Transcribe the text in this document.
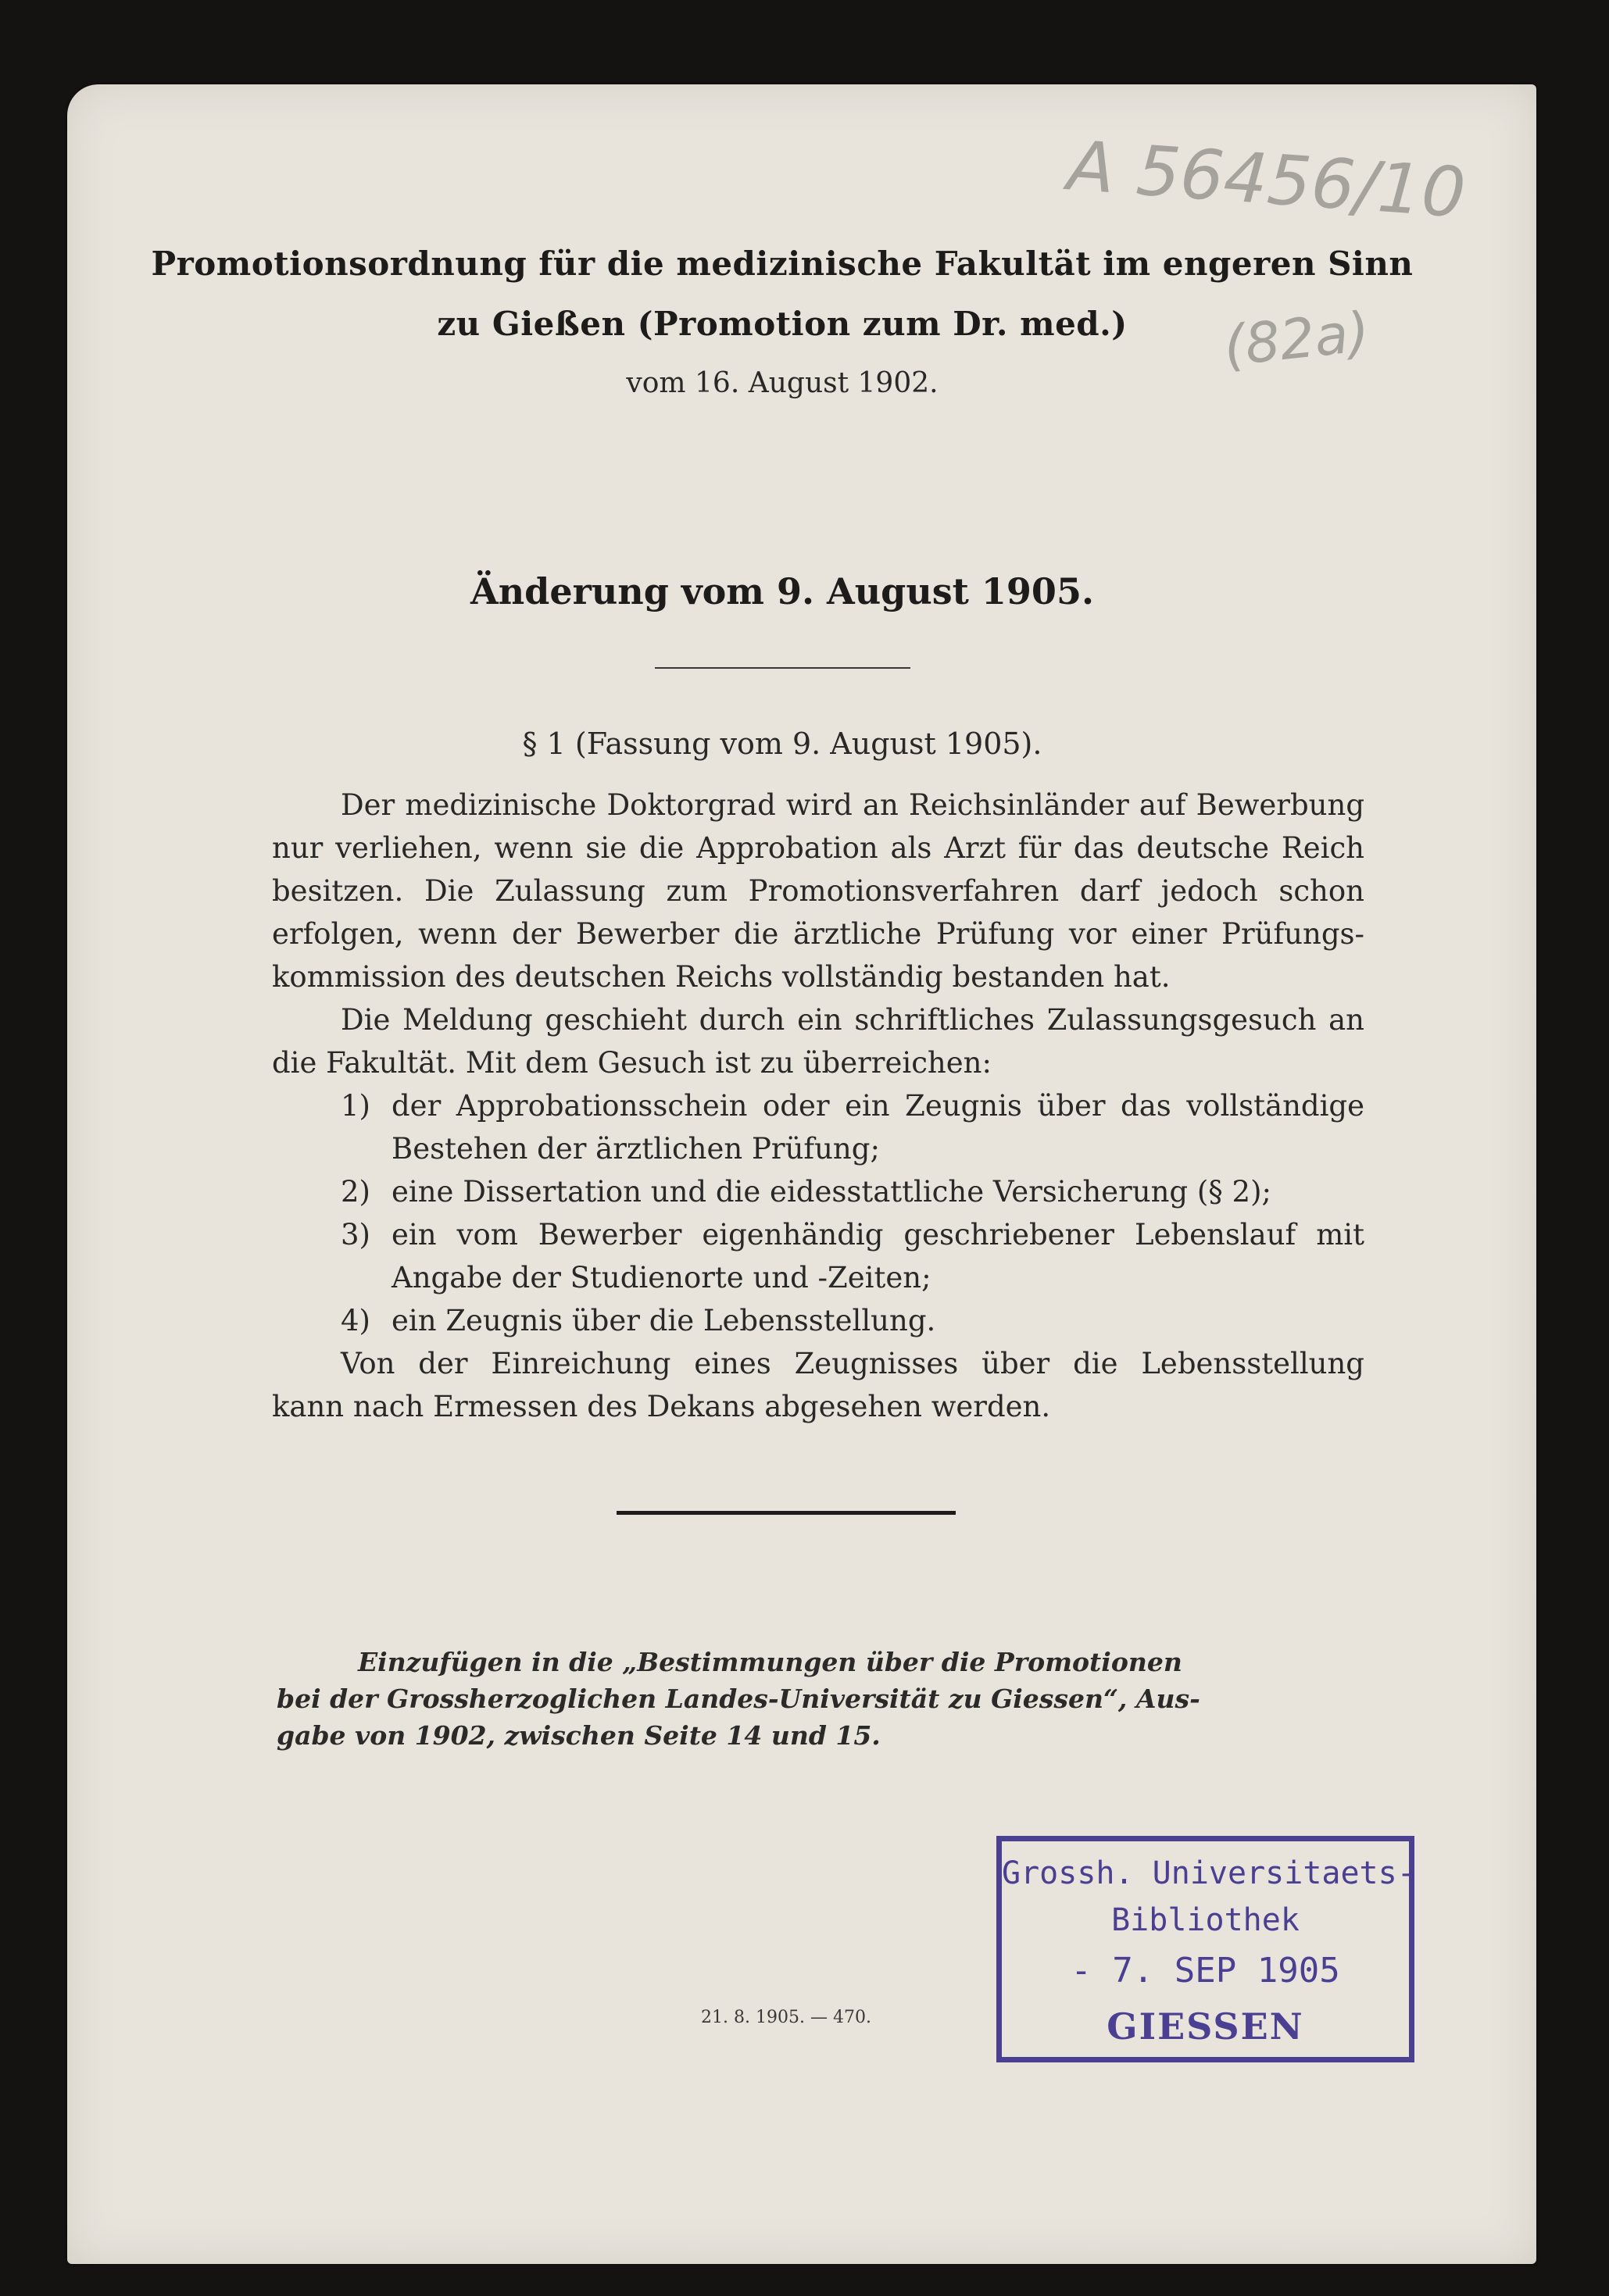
A 56456/10
(82a)
Promotionsordnung für die medizinische Fakultät im engeren Sinn
zu Gießen (Promotion zum Dr. med.)
vom 16. August 1902.
Änderung vom 9. August 1905.
§ 1 (Fassung vom 9. August 1905).
Der medizinische Doktorgrad wird an Reichsinländer auf Bewerbung
nur verliehen, wenn sie die Approbation als Arzt für das deutsche Reich
besitzen. Die Zulassung zum Promotionsverfahren darf jedoch schon
erfolgen, wenn der Bewerber die ärztliche Prüfung vor einer Prüfungs-
kommission des deutschen Reichs vollständig bestanden hat.
Die Meldung geschieht durch ein schriftliches Zulassungsgesuch an
die Fakultät. Mit dem Gesuch ist zu überreichen:
1) der Approbationsschein oder ein Zeugnis über das vollständige
Bestehen der ärztlichen Prüfung;
2) eine Dissertation und die eidesstattliche Versicherung (§ 2);
3) ein vom Bewerber eigenhändig geschriebener Lebenslauf mit
Angabe der Studienorte und -Zeiten;
4) ein Zeugnis über die Lebensstellung.
Von der Einreichung eines Zeugnisses über die Lebensstellung
kann nach Ermessen des Dekans abgesehen werden.
Einzufügen in die „Bestimmungen über die Promotionen
bei der Grossherzoglichen Landes-Universität zu Giessen“, Aus-
gabe von 1902, zwischen Seite 14 und 15.
Grossh. Universitaets-
Bibliothek
- 7. SEP 1905
GIESSEN
21. 8. 1905. — 470.
